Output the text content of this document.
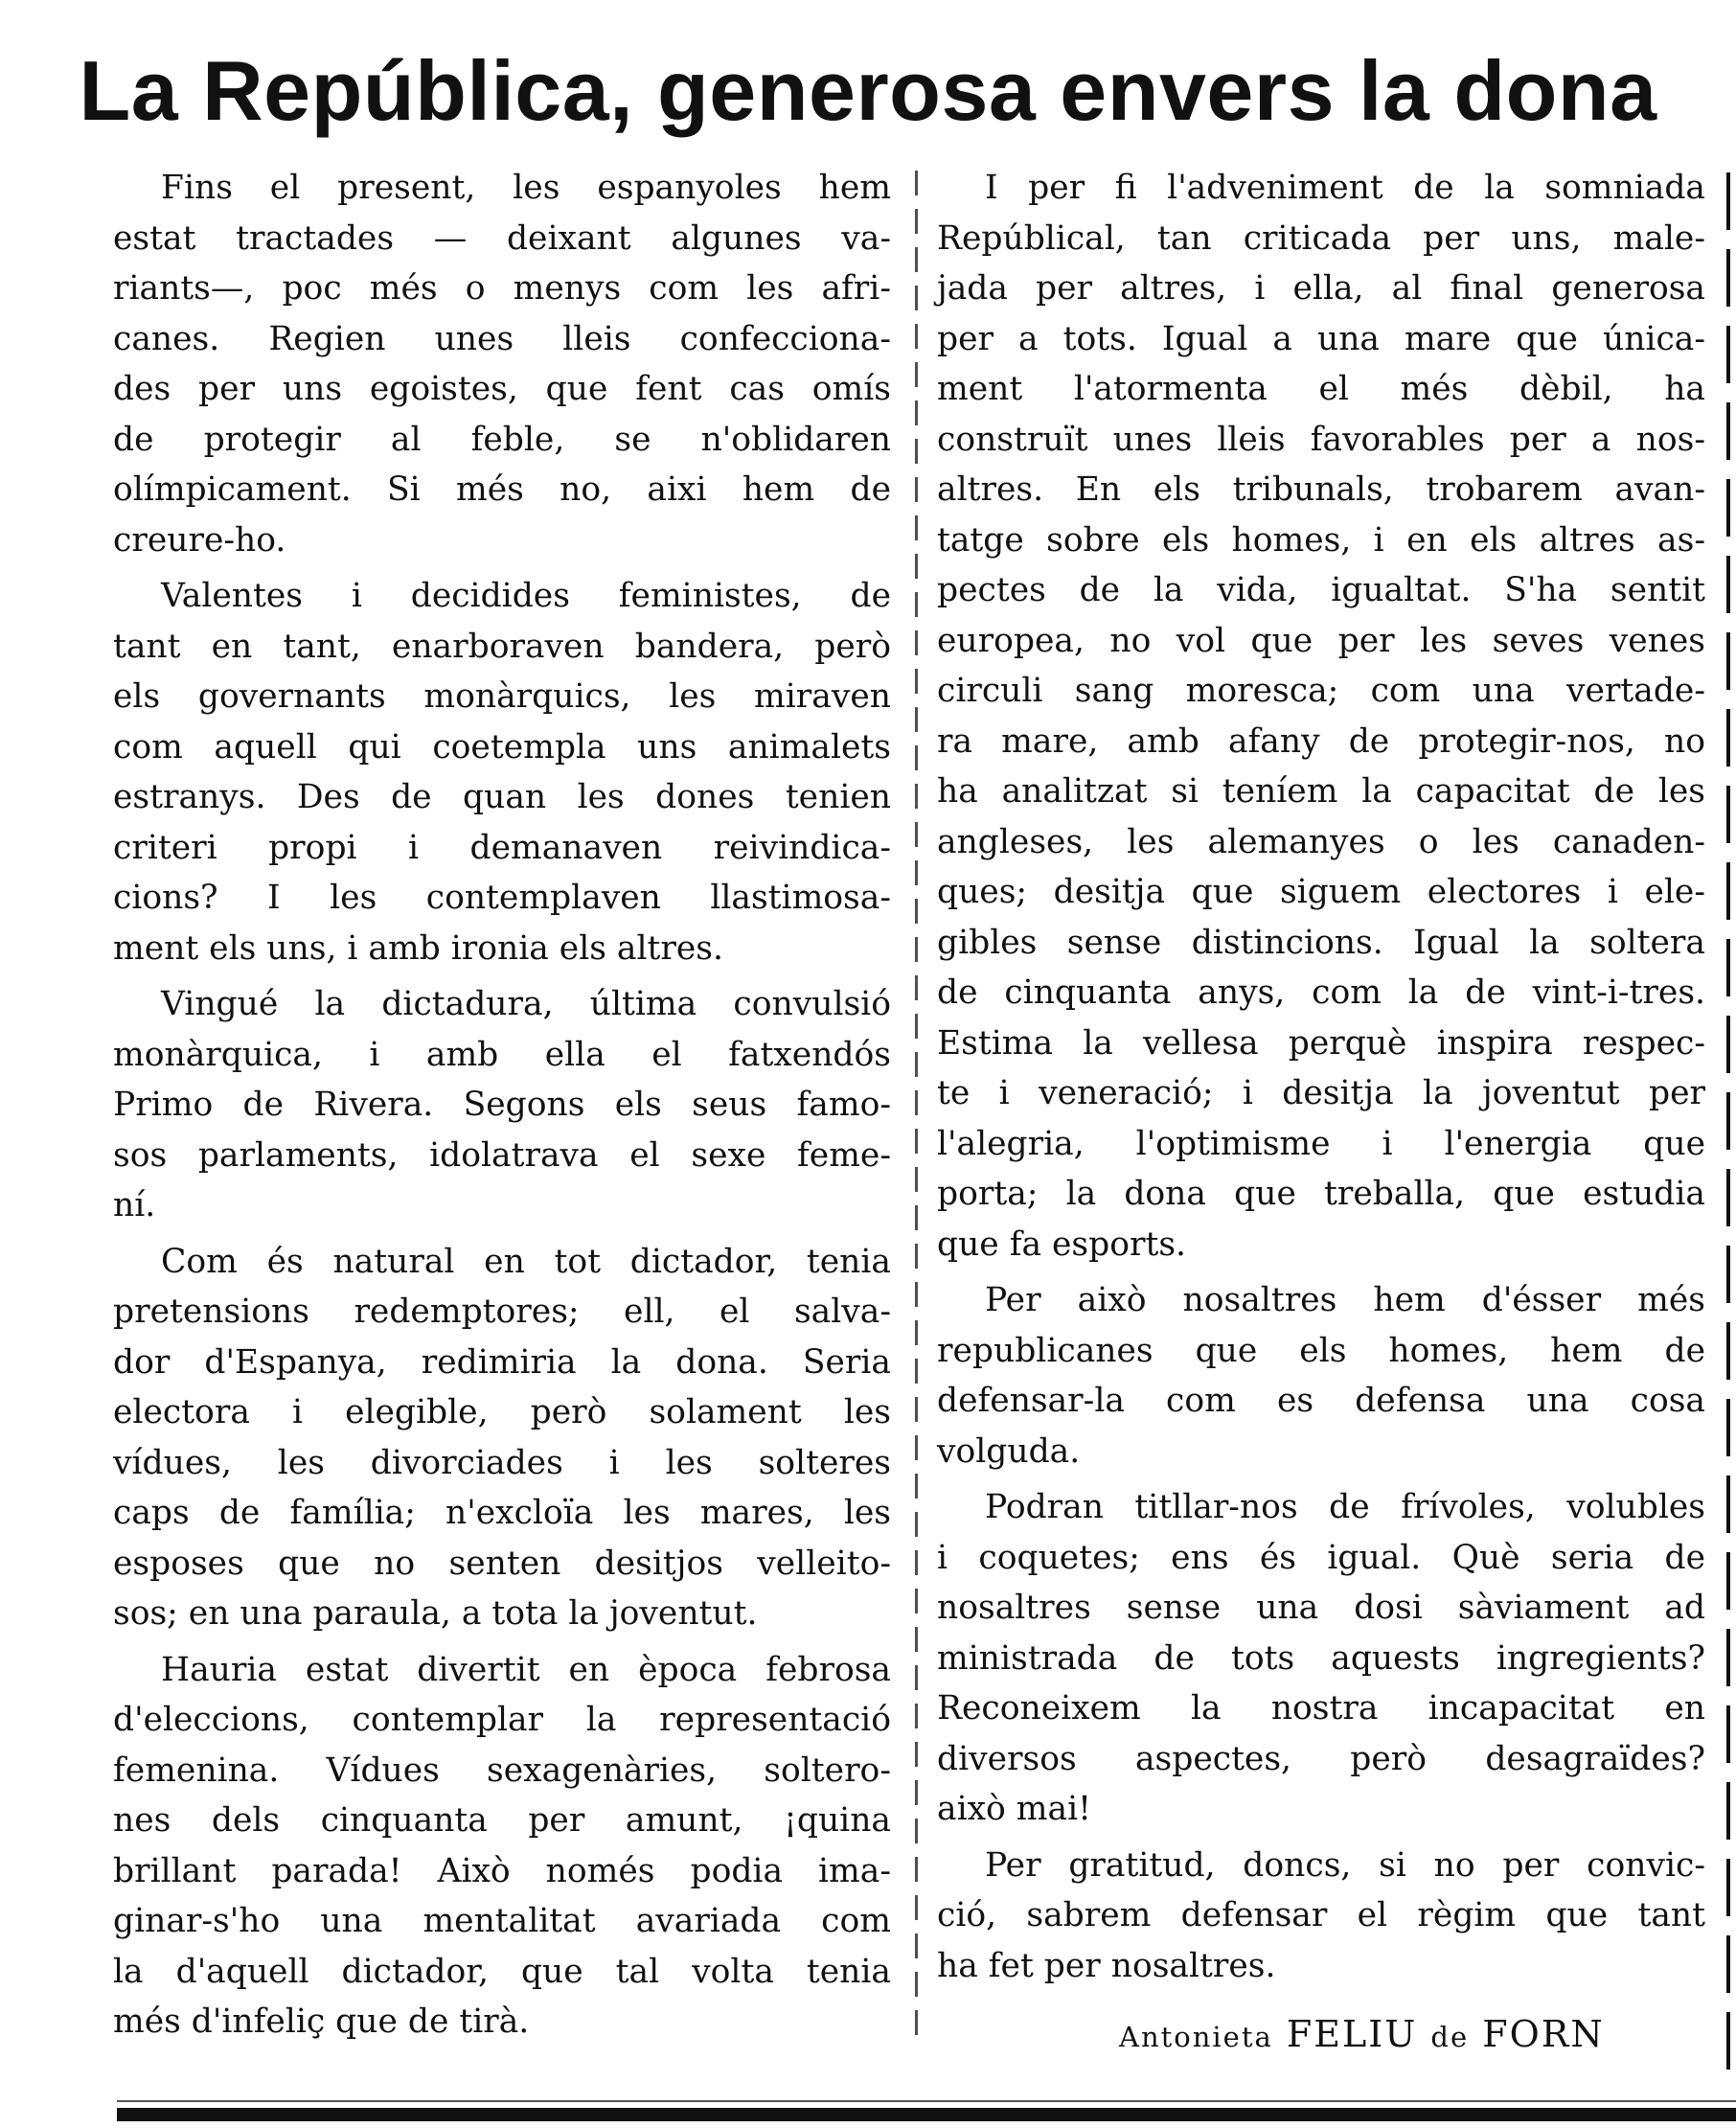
La República, generosa envers la dona
Fins el present, les espanyoles hem
estat tractades — deixant algunes va-
riants—, poc més o menys com les afri-
canes. Regien unes lleis confecciona-
des per uns egoistes, que fent cas omís
de protegir al feble, se n'oblidaren
olímpicament. Si més no, aixi hem de
creure-ho.
Valentes i decidides feministes, de
tant en tant, enarboraven bandera, però
els governants monàrquics, les miraven
com aquell qui coetempla uns animalets
estranys. Des de quan les dones tenien
criteri propi i demanaven reivindica-
cions? I les contemplaven llastimosa-
ment els uns, i amb ironia els altres.
Vingué la dictadura, última convulsió
monàrquica, i amb ella el fatxendós
Primo de Rivera. Segons els seus famo-
sos parlaments, idolatrava el sexe feme-
ní.
Com és natural en tot dictador, tenia
pretensions redemptores; ell, el salva-
dor d'Espanya, redimiria la dona. Seria
electora i elegible, però solament les
vídues, les divorciades i les solteres
caps de família; n'excloïa les mares, les
esposes que no senten desitjos velleito-
sos; en una paraula, a tota la joventut.
Hauria estat divertit en època febrosa
d'eleccions, contemplar la representació
femenina. Vídues sexagenàries, soltero-
nes dels cinquanta per amunt, ¡quina
brillant parada! Això només podia ima-
ginar-s'ho una mentalitat avariada com
la d'aquell dictador, que tal volta tenia
més d'infeliç que de tirà.
I per fi l'adveniment de la somniada
Repúblical, tan criticada per uns, male-
jada per altres, i ella, al final generosa
per a tots. Igual a una mare que única-
ment l'atormenta el més dèbil, ha
construït unes lleis favorables per a nos-
altres. En els tribunals, trobarem avan-
tatge sobre els homes, i en els altres as-
pectes de la vida, igualtat. S'ha sentit
europea, no vol que per les seves venes
circuli sang moresca; com una vertade-
ra mare, amb afany de protegir-nos, no
ha analitzat si teníem la capacitat de les
angleses, les alemanyes o les canaden-
ques; desitja que siguem electores i ele-
gibles sense distincions. Igual la soltera
de cinquanta anys, com la de vint-i-tres.
Estima la vellesa perquè inspira respec-
te i veneració; i desitja la joventut per
l'alegria, l'optimisme i l'energia que
porta; la dona que treballa, que estudia
que fa esports.
Per això nosaltres hem d'ésser més
republicanes que els homes, hem de
defensar-la com es defensa una cosa
volguda.
Podran titllar-nos de frívoles, volubles
i coquetes; ens és igual. Què seria de
nosaltres sense una dosi sàviament ad
ministrada de tots aquests ingregients?
Reconeixem la nostra incapacitat en
diversos aspectes, però desagraïdes?
això mai!
Per gratitud, doncs, si no per convic-
ció, sabrem defensar el règim que tant
ha fet per nosaltres.
Antonieta FELIU de FORN
